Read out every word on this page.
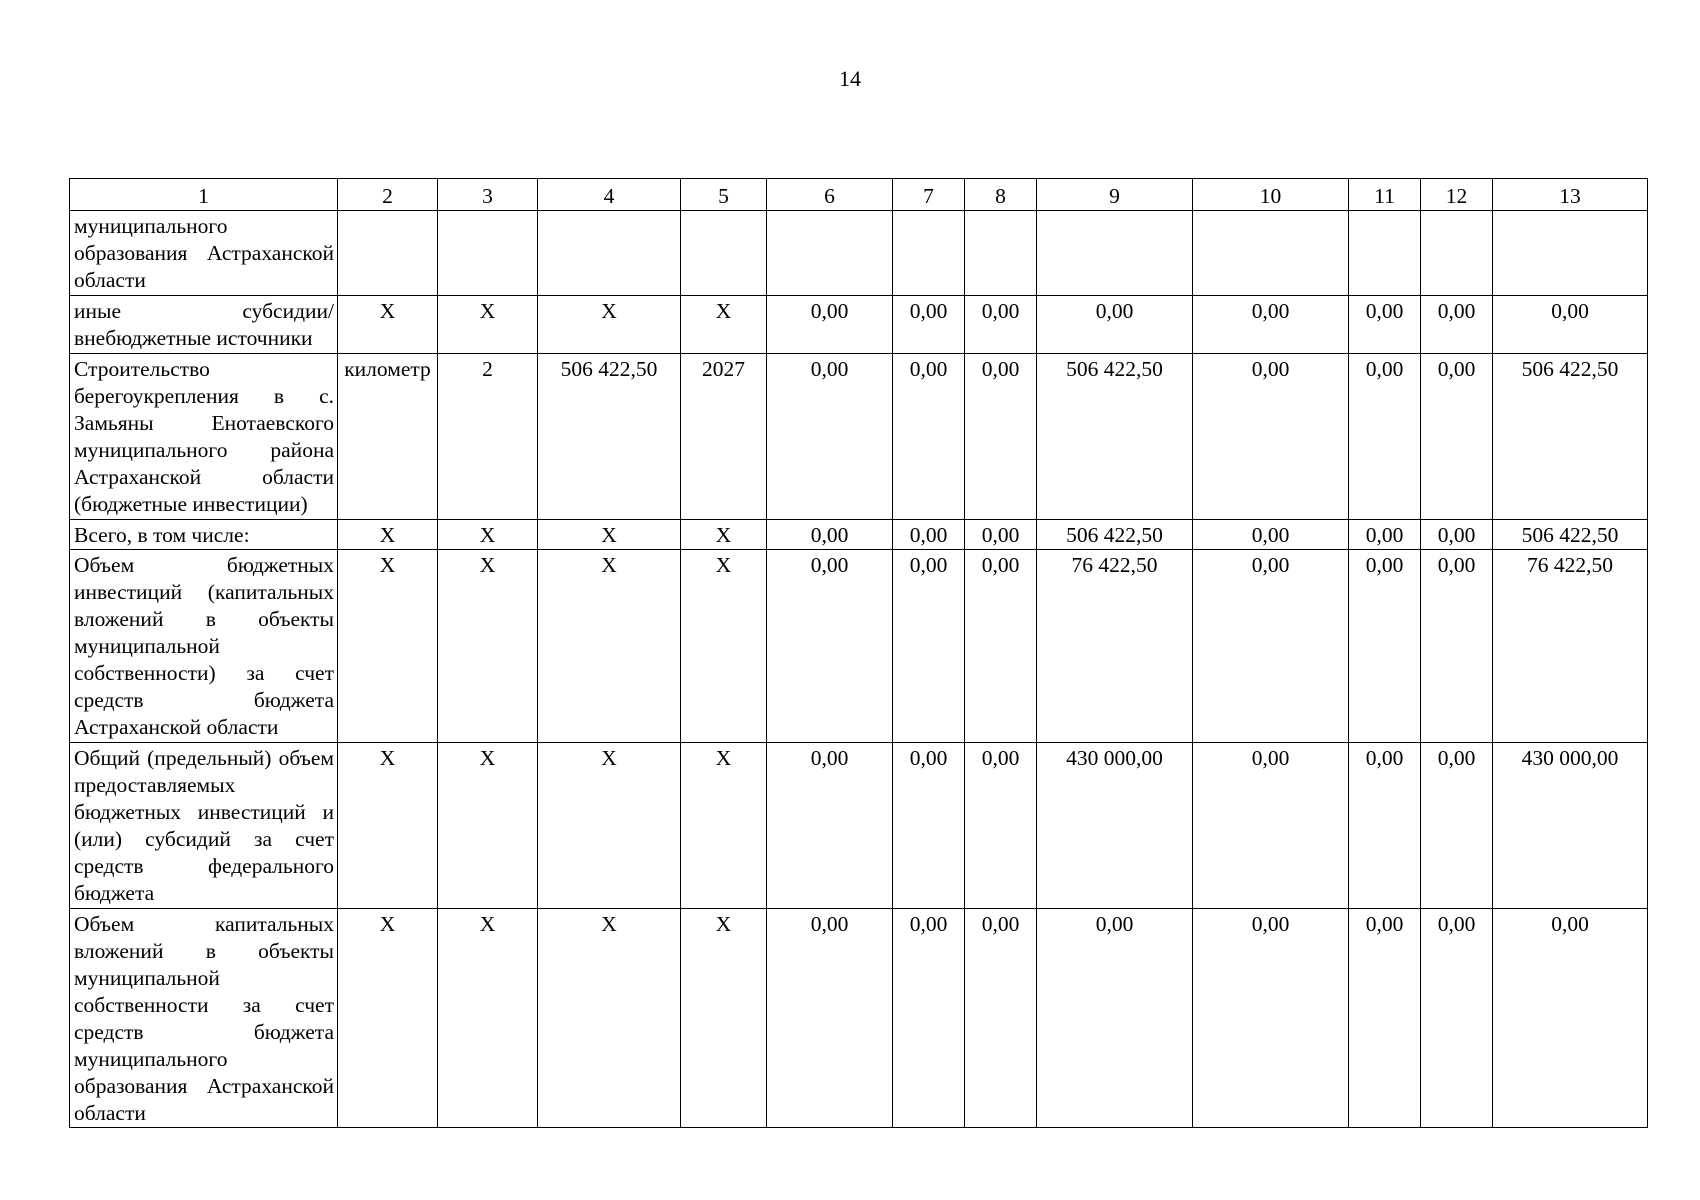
14
1	2	3	4	5	6	7	8	9	10	11	12	13
муниципального образования Астраханской области												
иные субсидии/ внебюджетные источники	X	X	X	X	0,00	0,00	0,00	0,00	0,00	0,00	0,00	0,00
Строительство берегоукрепления в с. Замьяны Енотаевского муниципального района Астраханской области (бюджетные инвестиции)	километр	2	506 422,50	2027	0,00	0,00	0,00	506 422,50	0,00	0,00	0,00	506 422,50
Всего, в том числе:	X	X	X	X	0,00	0,00	0,00	506 422,50	0,00	0,00	0,00	506 422,50
Объем бюджетных инвестиций (капитальных вложений в объекты муниципальной собственности) за счет средств бюджета Астраханской области	X	X	X	X	0,00	0,00	0,00	76 422,50	0,00	0,00	0,00	76 422,50
Общий (предельный) объем предоставляемых бюджетных инвестиций и (или) субсидий за счет средств федерального бюджета	X	X	X	X	0,00	0,00	0,00	430 000,00	0,00	0,00	0,00	430 000,00
Объем капитальных вложений в объекты муниципальной собственности за счет средств бюджета муниципального образования Астраханской области	X	X	X	X	0,00	0,00	0,00	0,00	0,00	0,00	0,00	0,00
